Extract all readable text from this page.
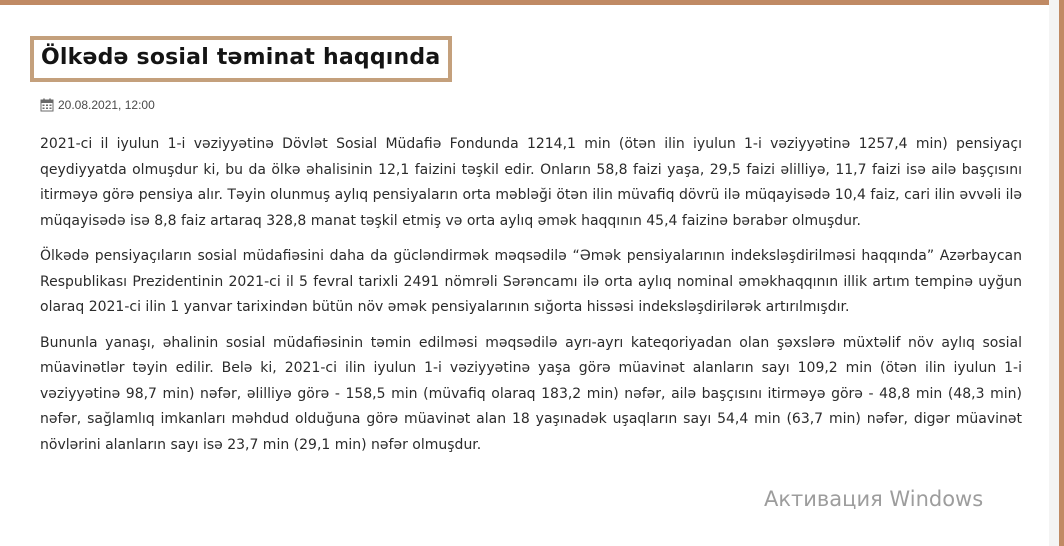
Ölkədə sosial təminat haqqında
20.08.2021, 12:00

2021-ci il iyulun 1-i vəziyyətinə Dövlət Sosial Müdafiə Fondunda 1214,1 min (ötən ilin iyulun 1-i vəziyyətinə 1257,4 min) pensiyaçı qeydiyyatda olmuşdur ki, bu da ölkə əhalisinin 12,1 faizini təşkil edir. Onların 58,8 faizi yaşa, 29,5 faizi əlilliyə, 11,7 faizi isə ailə başçısını itirməyə görə pensiya alır. Təyin olunmuş aylıq pensiyaların orta məbləği ötən ilin müvafiq dövrü ilə müqayisədə 10,4 faiz, cari ilin əvvəli ilə müqayisədə isə 8,8 faiz artaraq 328,8 manat təşkil etmiş və orta aylıq əmək haqqının 45,4 faizinə bərabər olmuşdur.

Ölkədə pensiyaçıların sosial müdafiəsini daha da gücləndirmək məqsədilə “Əmək pensiyalarının indeksləşdirilməsi haqqında” Azərbaycan Respublikası Prezidentinin 2021-ci il 5 fevral tarixli 2491 nömrəli Sərəncamı ilə orta aylıq nominal əməkhaqqının illik artım tempinə uyğun olaraq 2021-ci ilin 1 yanvar tarixindən bütün növ əmək pensiyalarının sığorta hissəsi indeksləşdirilərək artırılmışdır.

Bununla yanaşı, əhalinin sosial müdafiəsinin təmin edilməsi məqsədilə ayrı-ayrı kateqoriyadan olan şəxslərə müxtəlif növ aylıq sosial müavinətlər təyin edilir. Belə ki, 2021-ci ilin iyulun 1-i vəziyyətinə yaşa görə müavinət alanların sayı 109,2 min (ötən ilin iyulun 1-i vəziyyətinə 98,7 min) nəfər, əlilliyə görə - 158,5 min (müvafiq olaraq 183,2 min) nəfər, ailə başçısını itirməyə görə - 48,8 min (48,3 min) nəfər, sağlamlıq imkanları məhdud olduğuna görə müavinət alan 18 yaşınadək uşaqların sayı 54,4 min (63,7 min) nəfər, digər müavinət növlərini alanların sayı isə 23,7 min (29,1 min) nəfər olmuşdur.

Активация Windows
